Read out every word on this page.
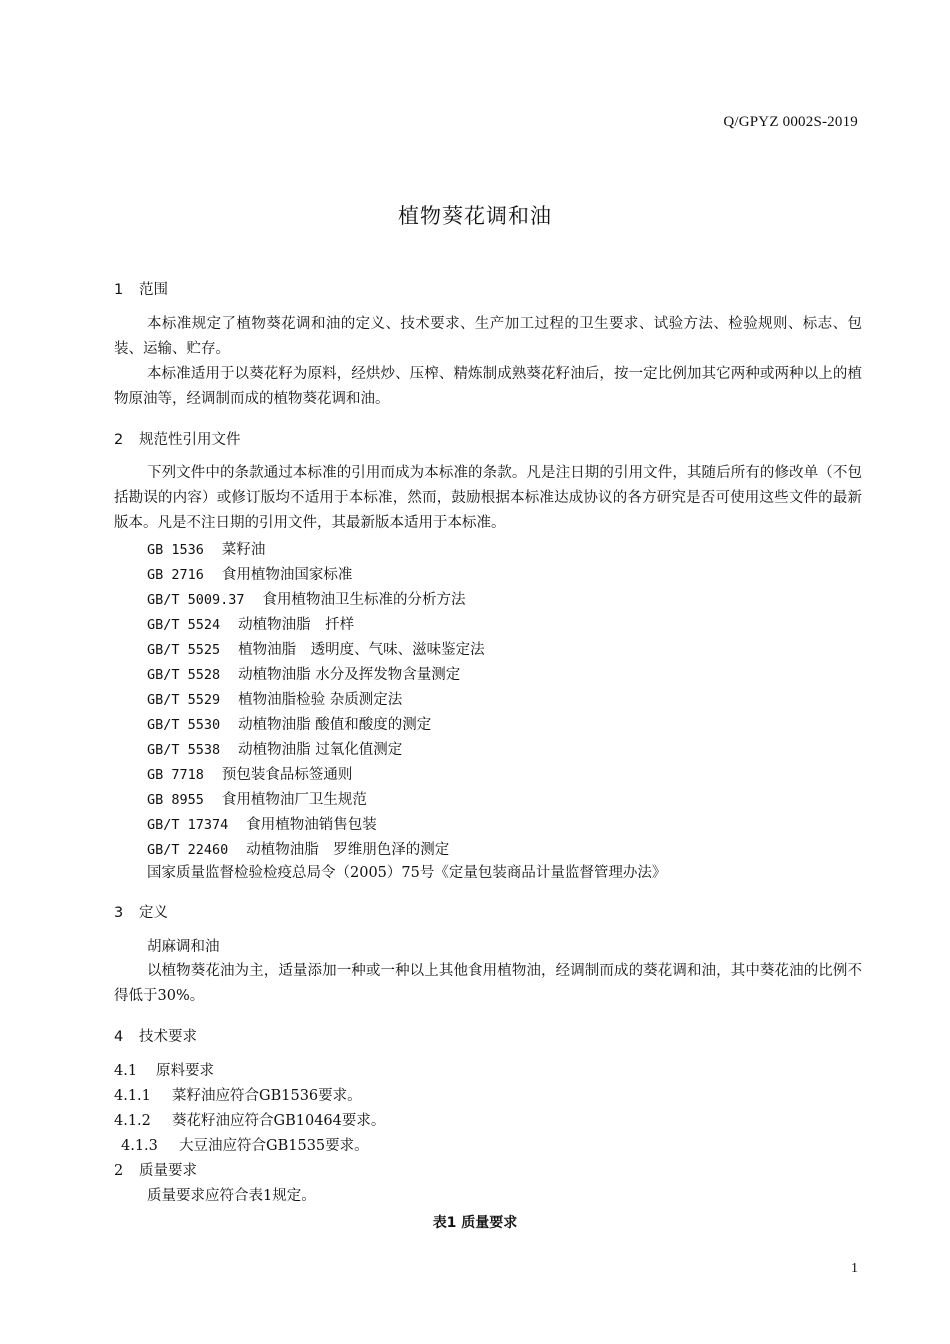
Q/GPYZ 0002S-2019
植物葵花调和油
1 范围

本标准规定了植物葵花调和油的定义、技术要求、生产加工过程的卫生要求、试验方法、检验规则、标志、包装、运输、贮存。

本标准适用于以葵花籽为原料，经烘炒、压榨、精炼制成熟葵花籽油后，按一定比例加其它两种或两种以上的植物原油等，经调制而成的植物葵花调和油。

2 规范性引用文件

下列文件中的条款通过本标准的引用而成为本标准的条款。凡是注日期的引用文件，其随后所有的修改单（不包括勘误的内容）或修订版均不适用于本标准，然而，鼓励根据本标准达成协议的各方研究是否可使用这些文件的最新版本。凡是不注日期的引用文件，其最新版本适用于本标准。

GB 1536 菜籽油
GB 2716 食用植物油国家标准
GB/T 5009.37 食用植物油卫生标准的分析方法
GB/T 5524 动植物油脂　扦样
GB/T 5525 植物油脂　透明度、气味、滋味鉴定法
GB/T 5528 动植物油脂 水分及挥发物含量测定
GB/T 5529 植物油脂检验 杂质测定法
GB/T 5530 动植物油脂 酸值和酸度的测定
GB/T 5538 动植物油脂 过氧化值测定
GB 7718 预包装食品标签通则
GB 8955 食用植物油厂卫生规范
GB/T 17374 食用植物油销售包装
GB/T 22460 动植物油脂　罗维朋色泽的测定
国家质量监督检验检疫总局令（2005）75号《定量包装商品计量监督管理办法》
3 定义
胡麻调和油

以植物葵花油为主，适量添加一种或一种以上其他食用植物油，经调制而成的葵花调和油，其中葵花油的比例不得低于30%。

4 技术要求
4.1 原料要求
4.1.1 菜籽油应符合GB1536要求。
4.1.2 葵花籽油应符合GB10464要求。
4.1.3 大豆油应符合GB1535要求。
2 质量要求
质量要求应符合表1规定。
表1 质量要求
1
